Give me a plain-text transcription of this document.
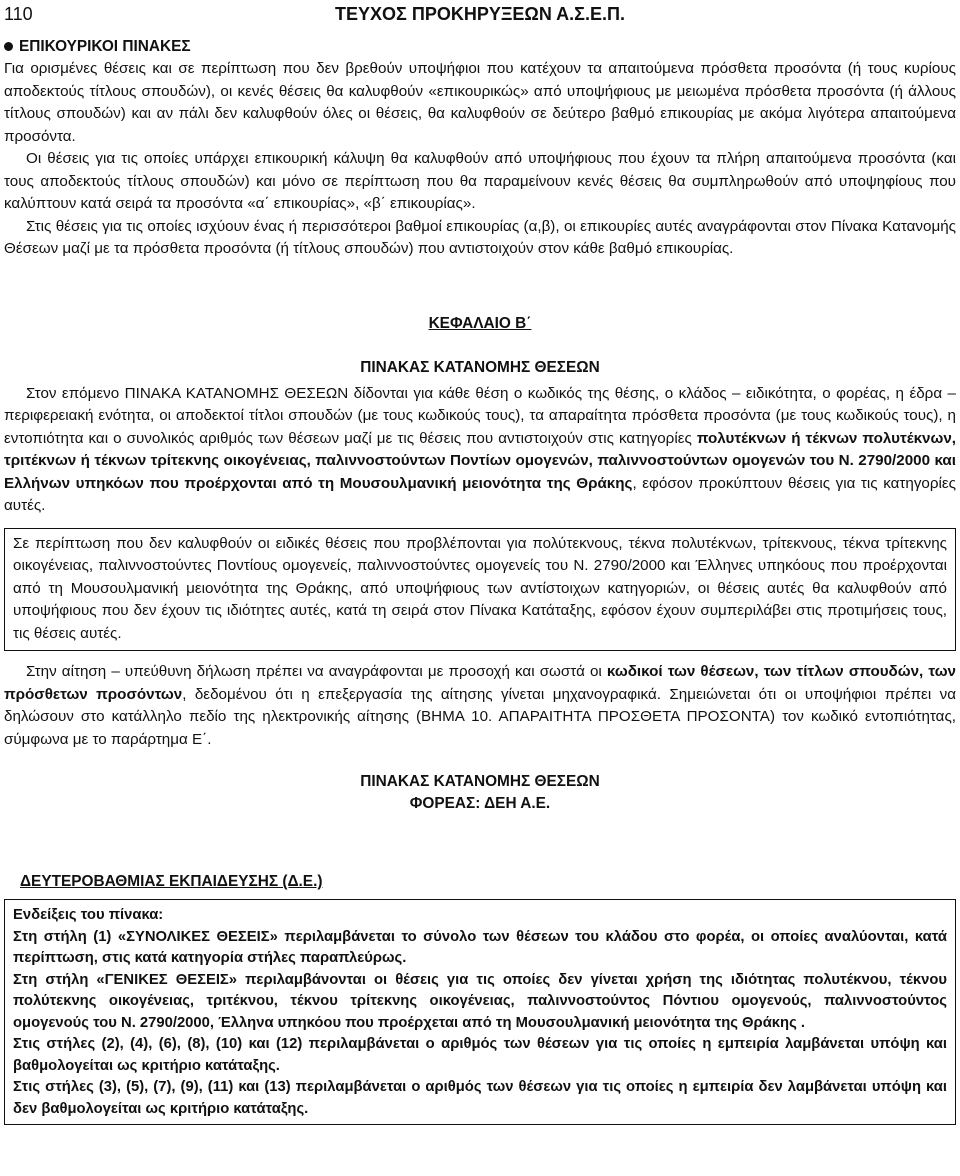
110	ΤΕΥΧΟΣ ΠΡΟΚΗΡΥΞΕΩΝ Α.Σ.Ε.Π.
ΕΠΙΚΟΥΡΙΚΟΙ ΠΙΝΑΚΕΣ

Για ορισμένες θέσεις και σε περίπτωση που δεν βρεθούν υποψήφιοι που κατέχουν τα απαιτούμενα πρόσθετα προσόντα (ή τους κυρίους αποδεκτούς τίτλους σπουδών), οι κενές θέσεις θα καλυφθούν «επικουρικώς» από υποψήφιους με μειωμένα πρόσθετα προσόντα (ή άλλους τίτλους σπουδών) και αν πάλι δεν καλυφθούν όλες οι θέσεις, θα καλυφθούν σε δεύτερο βαθμό επικουρίας με ακόμα λιγότερα απαιτούμενα προσόντα.

Οι θέσεις για τις οποίες υπάρχει επικουρική κάλυψη θα καλυφθούν από υποψήφιους που έχουν τα πλήρη απαιτούμενα προσόντα (και τους αποδεκτούς τίτλους σπουδών) και μόνο σε περίπτωση που θα παραμείνουν κενές θέσεις θα συμπληρωθούν από υποψηφίους που καλύπτουν κατά σειρά τα προσόντα «α΄ επικουρίας», «β΄ επικουρίας».

Στις θέσεις για τις οποίες ισχύουν ένας ή περισσότεροι βαθμοί επικουρίας (α,β), οι επικουρίες αυτές αναγράφονται στον Πίνακα Κατανομής Θέσεων μαζί με τα πρόσθετα προσόντα (ή τίτλους σπουδών) που αντιστοιχούν στον κάθε βαθμό επικουρίας.

ΚΕΦΑΛΑΙΟ Β΄
ΠΙΝΑΚΑΣ ΚΑΤΑΝΟΜΗΣ ΘΕΣΕΩΝ

Στον επόμενο ΠΙΝΑΚΑ ΚΑΤΑΝΟΜΗΣ ΘΕΣΕΩΝ δίδονται για κάθε θέση ο κωδικός της θέσης, ο κλάδος – ειδικότητα, ο φορέας, η έδρα – περιφερειακή ενότητα, οι αποδεκτοί τίτλοι σπουδών (με τους κωδικούς τους), τα απαραίτητα πρόσθετα προσόντα (με τους κωδικούς τους), η εντοπιότητα και ο συνολικός αριθμός των θέσεων μαζί με τις θέσεις που αντιστοιχούν στις κατηγορίες πολυτέκνων ή τέκνων πολυτέκνων, τριτέκνων ή τέκνων τρίτεκνης οικογένειας, παλιννοστούντων Ποντίων ομογενών, παλιννοστούντων ομογενών του Ν. 2790/2000 και Ελλήνων υπηκόων που προέρχονται από τη Μουσουλμανική μειονότητα της Θράκης, εφόσον προκύπτουν θέσεις για τις κατηγορίες αυτές.

Σε περίπτωση που δεν καλυφθούν οι ειδικές θέσεις που προβλέπονται για πολύτεκνους, τέκνα πολυτέκνων, τρίτεκνους, τέκνα τρίτεκνης οικογένειας, παλιννοστούντες Ποντίους ομογενείς, παλιννοστούντες ομογενείς του Ν. 2790/2000 και Έλληνες υπηκόους που προέρχονται από τη Μουσουλμανική μειονότητα της Θράκης, από υποψήφιους των αντίστοιχων κατηγοριών, οι θέσεις αυτές θα καλυφθούν από υποψήφιους που δεν έχουν τις ιδιότητες αυτές, κατά τη σειρά στον Πίνακα Κατάταξης, εφόσον έχουν συμπεριλάβει στις προτιμήσεις τους, τις θέσεις αυτές.

Στην αίτηση – υπεύθυνη δήλωση πρέπει να αναγράφονται με προσοχή και σωστά οι κωδικοί των θέσεων, των τίτλων σπουδών, των πρόσθετων προσόντων, δεδομένου ότι η επεξεργασία της αίτησης γίνεται μηχανογραφικά. Σημειώνεται ότι οι υποψήφιοι πρέπει να δηλώσουν στο κατάλληλο πεδίο της ηλεκτρονικής αίτησης (ΒΗΜΑ 10. ΑΠΑΡΑΙΤΗΤΑ ΠΡΟΣΘΕΤΑ ΠΡΟΣΟΝΤΑ) τον κωδικό εντοπιότητας, σύμφωνα με το παράρτημα Ε΄.

ΠΙΝΑΚΑΣ ΚΑΤΑΝΟΜΗΣ ΘΕΣΕΩΝ
ΦΟΡΕΑΣ: ΔΕΗ Α.Ε.
ΔΕΥΤΕΡΟΒΑΘΜΙΑΣ ΕΚΠΑΙΔΕΥΣΗΣ (Δ.Ε.)

Ενδείξεις του πίνακα:

Στη στήλη (1) «ΣΥΝΟΛΙΚΕΣ ΘΕΣΕΙΣ» περιλαμβάνεται το σύνολο των θέσεων του κλάδου στο φορέα, οι οποίες αναλύονται, κατά περίπτωση, στις κατά κατηγορία στήλες παραπλεύρως.

Στη στήλη «ΓΕΝΙΚΕΣ ΘΕΣΕΙΣ» περιλαμβάνονται οι θέσεις για τις οποίες δεν γίνεται χρήση της ιδιότητας πολυτέκνου, τέκνου πολύτεκνης οικογένειας, τριτέκνου, τέκνου τρίτεκνης οικογένειας, παλιννοστούντος Πόντιου ομογενούς, παλιννοστούντος ομογενούς του Ν. 2790/2000, Έλληνα υπηκόου που προέρχεται από τη Μουσουλμανική μειονότητα της Θράκης .

Στις στήλες (2), (4), (6), (8), (10) και (12) περιλαμβάνεται ο αριθμός των θέσεων για τις οποίες η εμπειρία λαμβάνεται υπόψη και βαθμολογείται ως κριτήριο κατάταξης.

Στις στήλες (3), (5), (7), (9), (11) και (13) περιλαμβάνεται ο αριθμός των θέσεων για τις οποίες η εμπειρία δεν λαμβάνεται υπόψη και δεν βαθμολογείται ως κριτήριο κατάταξης.
